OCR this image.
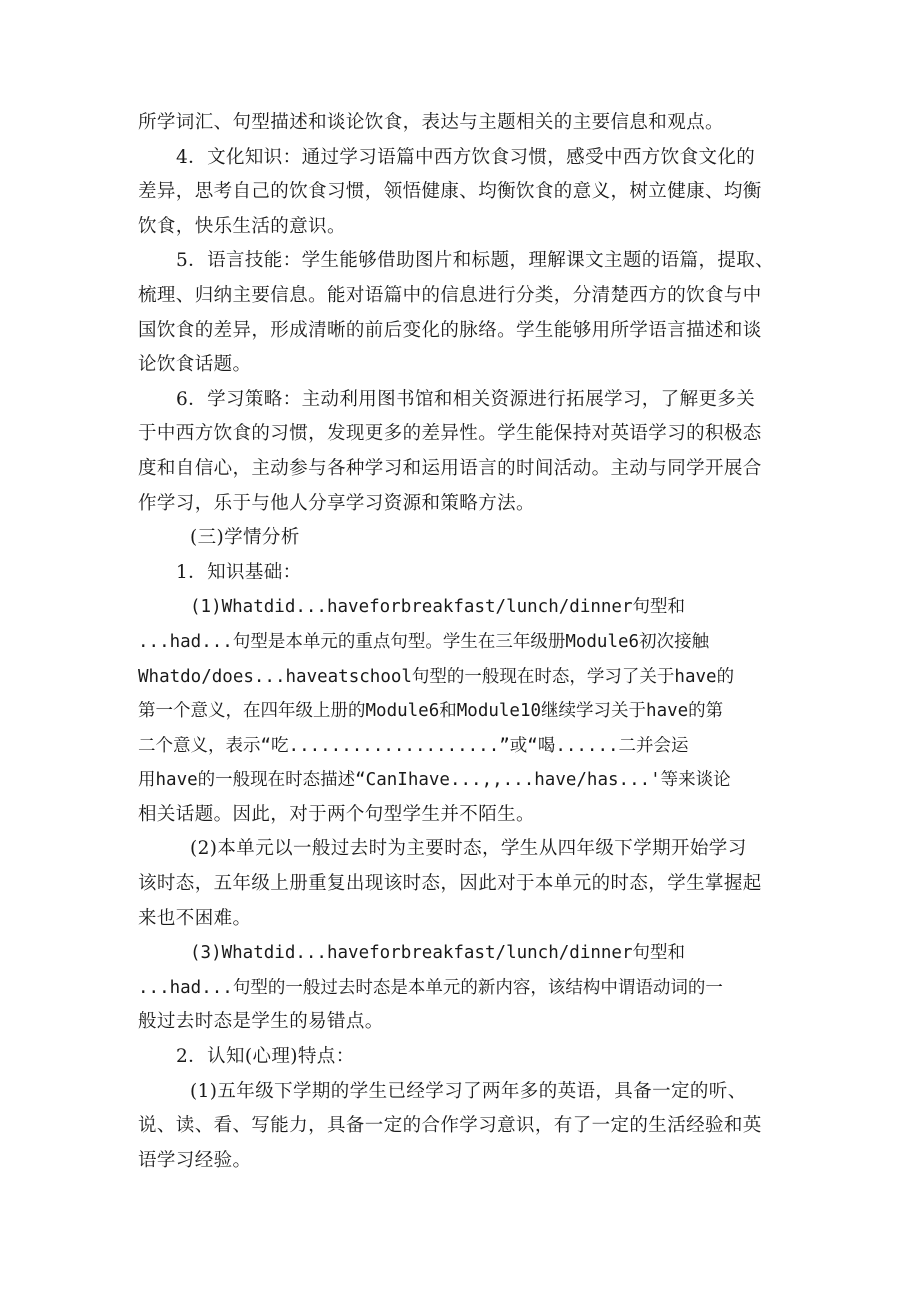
所学词汇、句型描述和谈论饮食，表达与主题相关的主要信息和观点。
4．文化知识：通过学习语篇中西方饮食习惯，感受中西方饮食文化的
差异，思考自己的饮食习惯，领悟健康、均衡饮食的意义，树立健康、均衡
饮食，快乐生活的意识。
5．语言技能：学生能够借助图片和标题，理解课文主题的语篇，提取、
梳理、归纳主要信息。能对语篇中的信息进行分类，分清楚西方的饮食与中
国饮食的差异，形成清晰的前后变化的脉络。学生能够用所学语言描述和谈
论饮食话题。
6．学习策略：主动利用图书馆和相关资源进行拓展学习，了解更多关
于中西方饮食的习惯，发现更多的差异性。学生能保持对英语学习的积极态
度和自信心，主动参与各种学习和运用语言的时间活动。主动与同学开展合
作学习，乐于与他人分享学习资源和策略方法。
(三)学情分析
1．知识基础：
(1)Whatdid...haveforbreakfast/lunch/dinner句型和
...had...句型是本单元的重点句型。学生在三年级册Module6初次接触
Whatdo/does...haveatschool句型的一般现在时态，学习了关于have的
第一个意义，在四年级上册的Module6和Module10继续学习关于have的第
二个意义，表示“吃....................”或“喝......二并会运
用have的一般现在时态描述“CanIhave...,,...have/has...'等来谈论
相关话题。因此，对于两个句型学生并不陌生。
(2)本单元以一般过去时为主要时态，学生从四年级下学期开始学习
该时态，五年级上册重复出现该时态，因此对于本单元的时态，学生掌握起
来也不困难。
(3)Whatdid...haveforbreakfast/lunch/dinner句型和
...had...句型的一般过去时态是本单元的新内容，该结构中谓语动词的一
般过去时态是学生的易错点。
2．认知(心理)特点：
(1)五年级下学期的学生已经学习了两年多的英语，具备一定的听、
说、读、看、写能力，具备一定的合作学习意识，有了一定的生活经验和英
语学习经验。
